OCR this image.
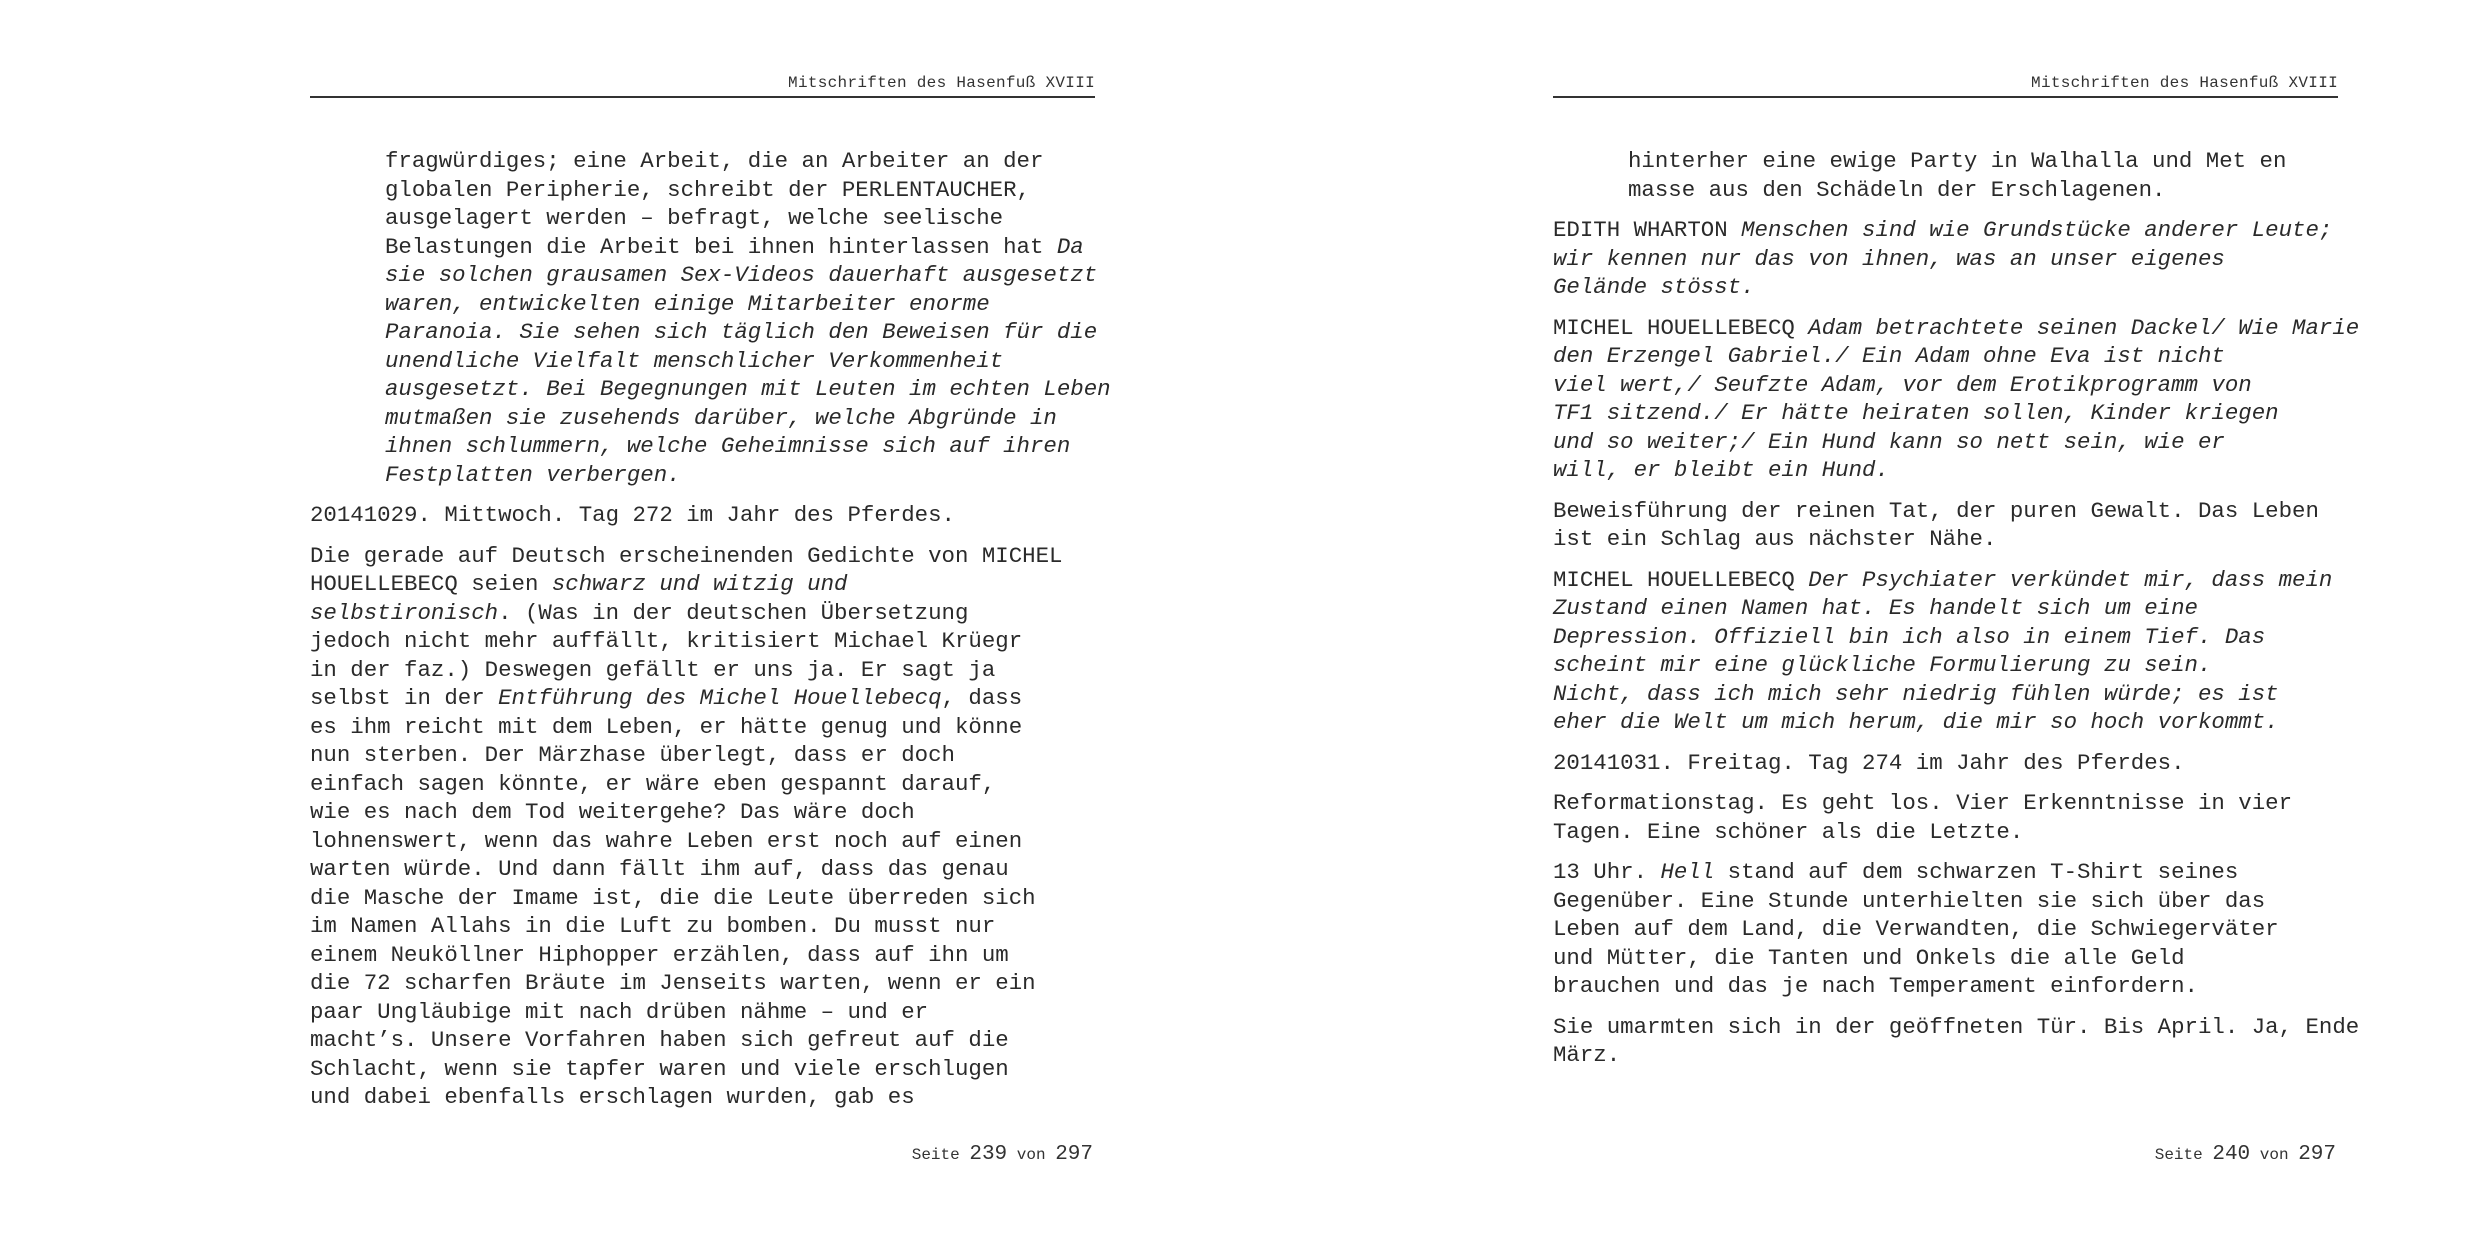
Mitschriften des Hasenfuß XVIII

fragwürdiges; eine Arbeit, die an Arbeiter an der
globalen Peripherie, schreibt der PERLENTAUCHER,
ausgelagert werden – befragt, welche seelische
Belastungen die Arbeit bei ihnen hinterlassen hat Da
sie solchen grausamen Sex-Videos dauerhaft ausgesetzt
waren, entwickelten einige Mitarbeiter enorme
Paranoia. Sie sehen sich täglich den Beweisen für die
unendliche Vielfalt menschlicher Verkommenheit
ausgesetzt. Bei Begegnungen mit Leuten im echten Leben
mutmaßen sie zusehends darüber, welche Abgründe in
ihnen schlummern, welche Geheimnisse sich auf ihren
Festplatten verbergen.

20141029. Mittwoch. Tag 272 im Jahr des Pferdes.

Die gerade auf Deutsch erscheinenden Gedichte von MICHEL
HOUELLEBECQ seien schwarz und witzig und
selbstironisch. (Was in der deutschen Übersetzung
jedoch nicht mehr auffällt, kritisiert Michael Krüegr
in der faz.) Deswegen gefällt er uns ja. Er sagt ja
selbst in der Entführung des Michel Houellebecq, dass
es ihm reicht mit dem Leben, er hätte genug und könne
nun sterben. Der Märzhase überlegt, dass er doch
einfach sagen könnte, er wäre eben gespannt darauf,
wie es nach dem Tod weitergehe? Das wäre doch
lohnenswert, wenn das wahre Leben erst noch auf einen
warten würde. Und dann fällt ihm auf, dass das genau
die Masche der Imame ist, die die Leute überreden sich
im Namen Allahs in die Luft zu bomben. Du musst nur
einem Neuköllner Hiphopper erzählen, dass auf ihn um
die 72 scharfen Bräute im Jenseits warten, wenn er ein
paar Ungläubige mit nach drüben nähme – und er
macht’s. Unsere Vorfahren haben sich gefreut auf die
Schlacht, wenn sie tapfer waren und viele erschlugen
und dabei ebenfalls erschlagen wurden, gab es

Seite 239 von 297
Mitschriften des Hasenfuß XVIII

hinterher eine ewige Party in Walhalla und Met en
masse aus den Schädeln der Erschlagenen.

EDITH WHARTON Menschen sind wie Grundstücke anderer Leute;
wir kennen nur das von ihnen, was an unser eigenes
Gelände stösst.

MICHEL HOUELLEBECQ Adam betrachtete seinen Dackel/ Wie Marie
den Erzengel Gabriel./ Ein Adam ohne Eva ist nicht
viel wert,/ Seufzte Adam, vor dem Erotikprogramm von
TF1 sitzend./ Er hätte heiraten sollen, Kinder kriegen
und so weiter;/ Ein Hund kann so nett sein, wie er
will, er bleibt ein Hund.

Beweisführung der reinen Tat, der puren Gewalt. Das Leben
ist ein Schlag aus nächster Nähe.

MICHEL HOUELLEBECQ Der Psychiater verkündet mir, dass mein
Zustand einen Namen hat. Es handelt sich um eine
Depression. Offiziell bin ich also in einem Tief. Das
scheint mir eine glückliche Formulierung zu sein.
Nicht, dass ich mich sehr niedrig fühlen würde; es ist
eher die Welt um mich herum, die mir so hoch vorkommt.

20141031. Freitag. Tag 274 im Jahr des Pferdes.

Reformationstag. Es geht los. Vier Erkenntnisse in vier
Tagen. Eine schöner als die Letzte.

13 Uhr. Hell stand auf dem schwarzen T-Shirt seines
Gegenüber. Eine Stunde unterhielten sie sich über das
Leben auf dem Land, die Verwandten, die Schwiegerväter
und Mütter, die Tanten und Onkels die alle Geld
brauchen und das je nach Temperament einfordern.

Sie umarmten sich in der geöffneten Tür. Bis April. Ja, Ende
März.

Seite 240 von 297
